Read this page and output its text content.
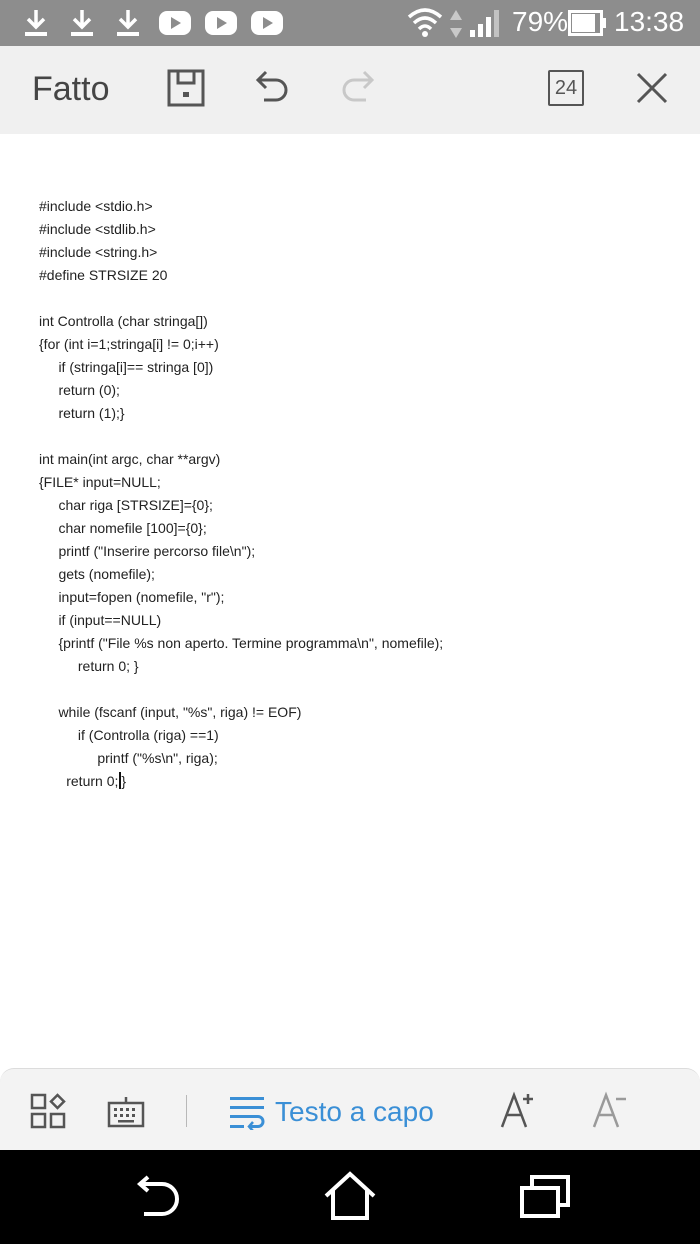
79% 13:38
Fatto	24
#include <stdio.h>
#include <stdlib.h>
#include <string.h>
#define STRSIZE 20
int Controlla (char stringa[])
{for (int i=1;stringa[i] != 0;i++)
if (stringa[i]== stringa [0])
return (0);
return (1);}
int main(int argc, char **argv)
{FILE* input=NULL;
char riga [STRSIZE]={0};
char nomefile [100]={0};
printf ("Inserire percorso file\n");
gets (nomefile);
input=fopen (nomefile, "r");
if (input==NULL)
{printf ("File %s non aperto. Termine programma\n", nomefile);
return 0; }
while (fscanf (input, "%s", riga) != EOF)
if (Controlla (riga) ==1)
printf ("%s\n", riga);
return 0; }
Testo a capo
